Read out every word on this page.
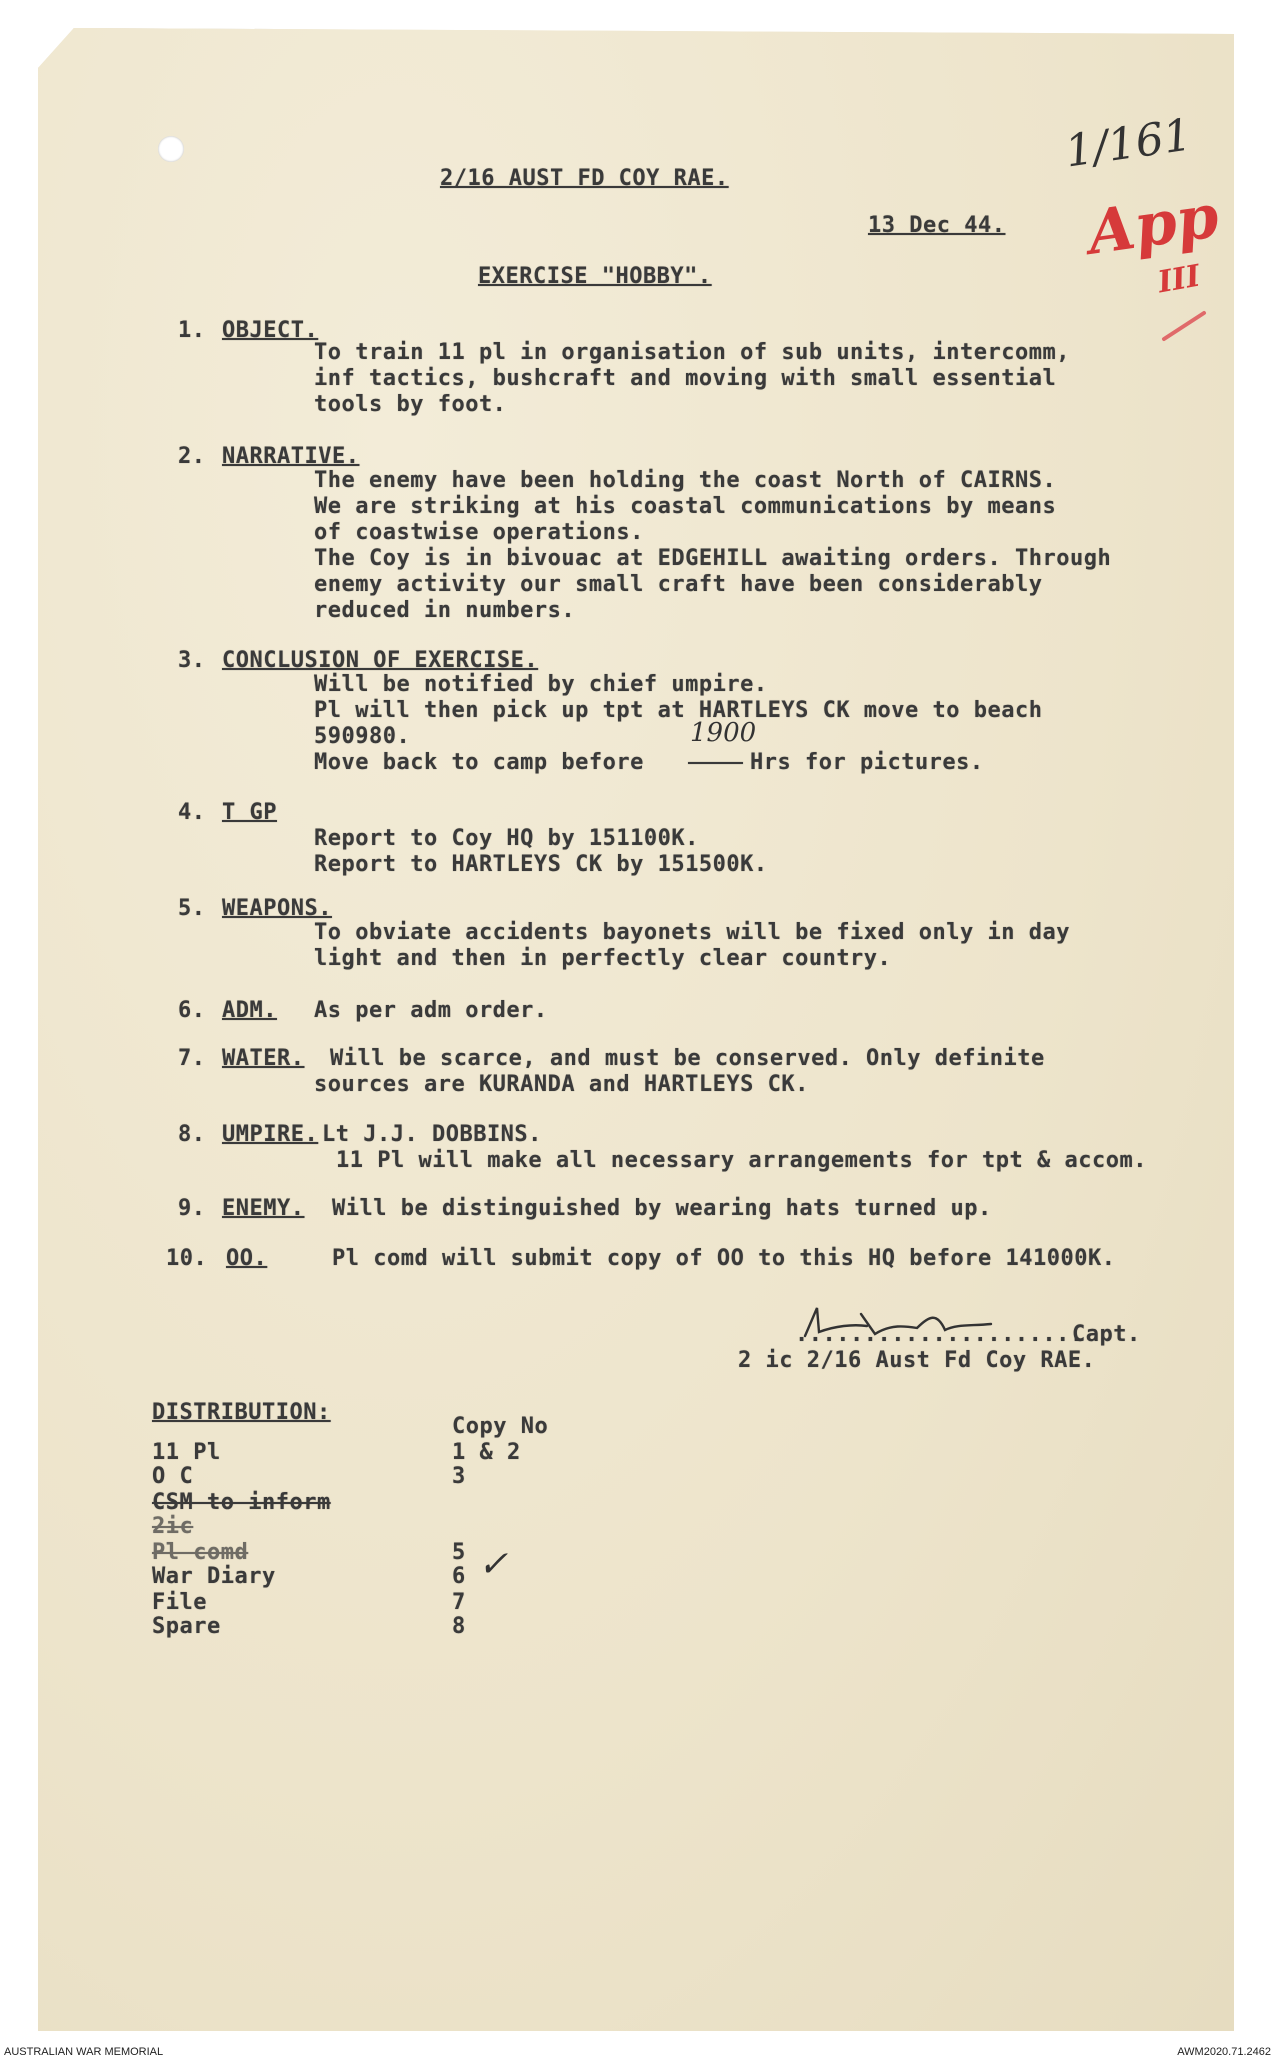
1/161
App
III
2/16 AUST FD COY RAE.
13 Dec 44.
EXERCISE "HOBBY".
1. OBJECT.
To train 11 pl in organisation of sub units, intercomm,
inf tactics, bushcraft and moving with small essential
tools by foot.
2. NARRATIVE.
The enemy have been holding the coast North of CAIRNS.
We are striking at his coastal communications by means
of coastwise operations.
The Coy is in bivouac at EDGEHILL awaiting orders. Through
enemy activity our small craft have been considerably
reduced in numbers.
3. CONCLUSION OF EXERCISE.
Will be notified by chief umpire.
Pl will then pick up tpt at HARTLEYS CK move to beach
590980.
Move back to camp before
	Hrs for pictures.
1900
4. T GP
Report to Coy HQ by 151100K.
Report to HARTLEYS CK by 151500K.
5. WEAPONS.
To obviate accidents bayonets will be fixed only in day
light and then in perfectly clear country.
6. ADM. As per adm order.
7. WATER. Will be scarce, and must be conserved. Only definite
sources are KURANDA and HARTLEYS CK.
8. UMPIRE. Lt J.J. DOBBINS.
11 Pl will make all necessary arrangements for tpt & accom.
9. ENEMY. Will be distinguished by wearing hats turned up.
10. OO.	Pl comd will submit copy of OO to this HQ before 141000K.
.....................
Capt.
2 ic 2/16 Aust Fd Coy RAE.
DISTRIBUTION:
Copy No
11 Pl	1 & 2
O C	3
CSM to inform
2ic
Pl comd	5
War Diary	6 ✓
File	7
Spare	8
AUSTRALIAN WAR MEMORIAL	AWM2020.71.2462
